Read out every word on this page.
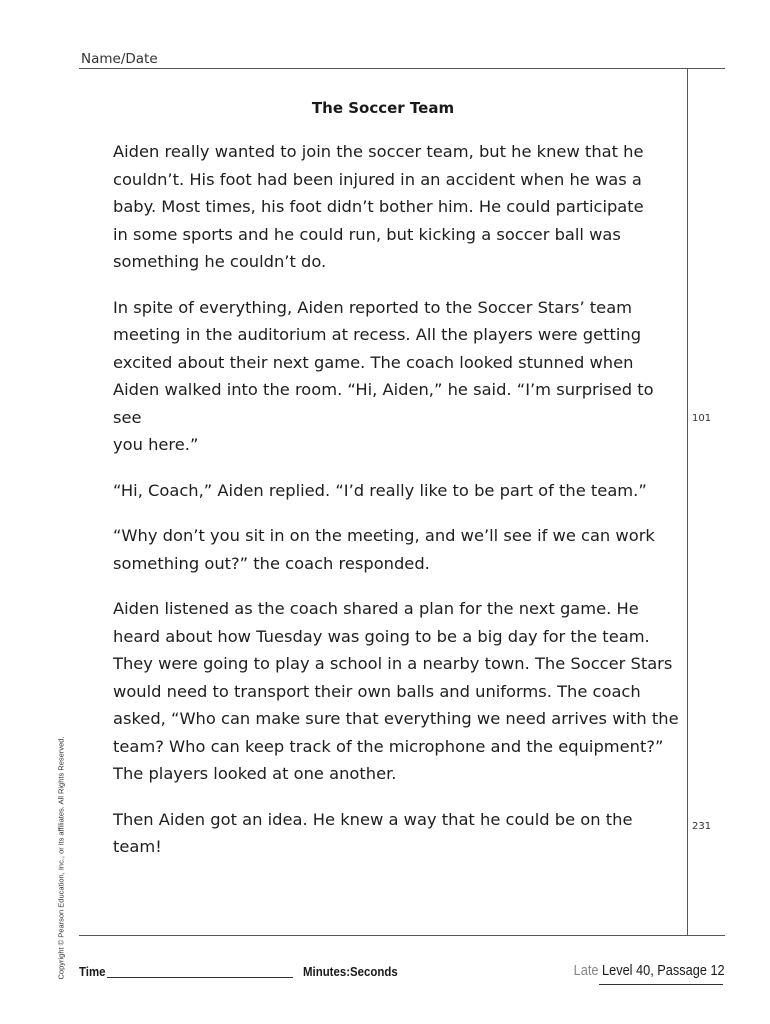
Name/Date
The Soccer Team

Aiden really wanted to join the soccer team, but he knew that he
couldn’t. His foot had been injured in an accident when he was a
baby. Most times, his foot didn’t bother him. He could participate
in some sports and he could run, but kicking a soccer ball was
something he couldn’t do.

In spite of everything, Aiden reported to the Soccer Stars’ team
meeting in the auditorium at recess. All the players were getting
excited about their next game. The coach looked stunned when
Aiden walked into the room. “Hi, Aiden,” he said. “I’m surprised to see
you here.”

“Hi, Coach,” Aiden replied. “I’d really like to be part of the team.”

“Why don’t you sit in on the meeting, and we’ll see if we can work
something out?” the coach responded.

Aiden listened as the coach shared a plan for the next game. He
heard about how Tuesday was going to be a big day for the team.
They were going to play a school in a nearby town. The Soccer Stars
would need to transport their own balls and uniforms. The coach
asked, “Who can make sure that everything we need arrives with the
team? Who can keep track of the microphone and the equipment?”
The players looked at one another.

Then Aiden got an idea. He knew a way that he could be on the
team!

101
231
Copyright © Pearson Education, Inc., or its affiliates. All Rights Reserved. Time	Minutes:Seconds	Late Level 40, Passage 12
